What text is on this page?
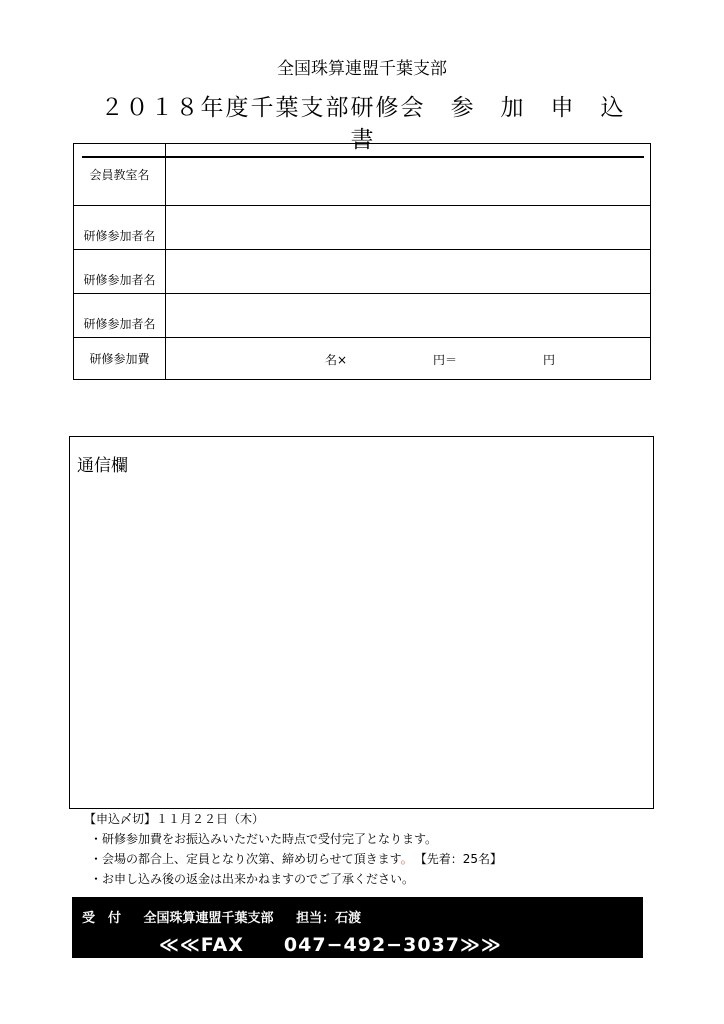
全国珠算連盟千葉支部
２０１８年度千葉支部研修会　参　加　申　込　書
会員教室名	
研修参加者名	
研修参加者名	
研修参加者名	
研修参加費	名× 円＝ 円
通信欄
【申込〆切】１１月２２日（木）
・研修参加費をお振込みいただいた時点で受付完了となります。
・会場の都合上、定員となり次第、締め切らせて頂きます。 【先着：25名】
・お申し込み後の返金は出来かねますのでご了承ください。
受　付 全国珠算連盟千葉支部 担当：石渡
≪≪FAX　　047−492−3037≫≫
